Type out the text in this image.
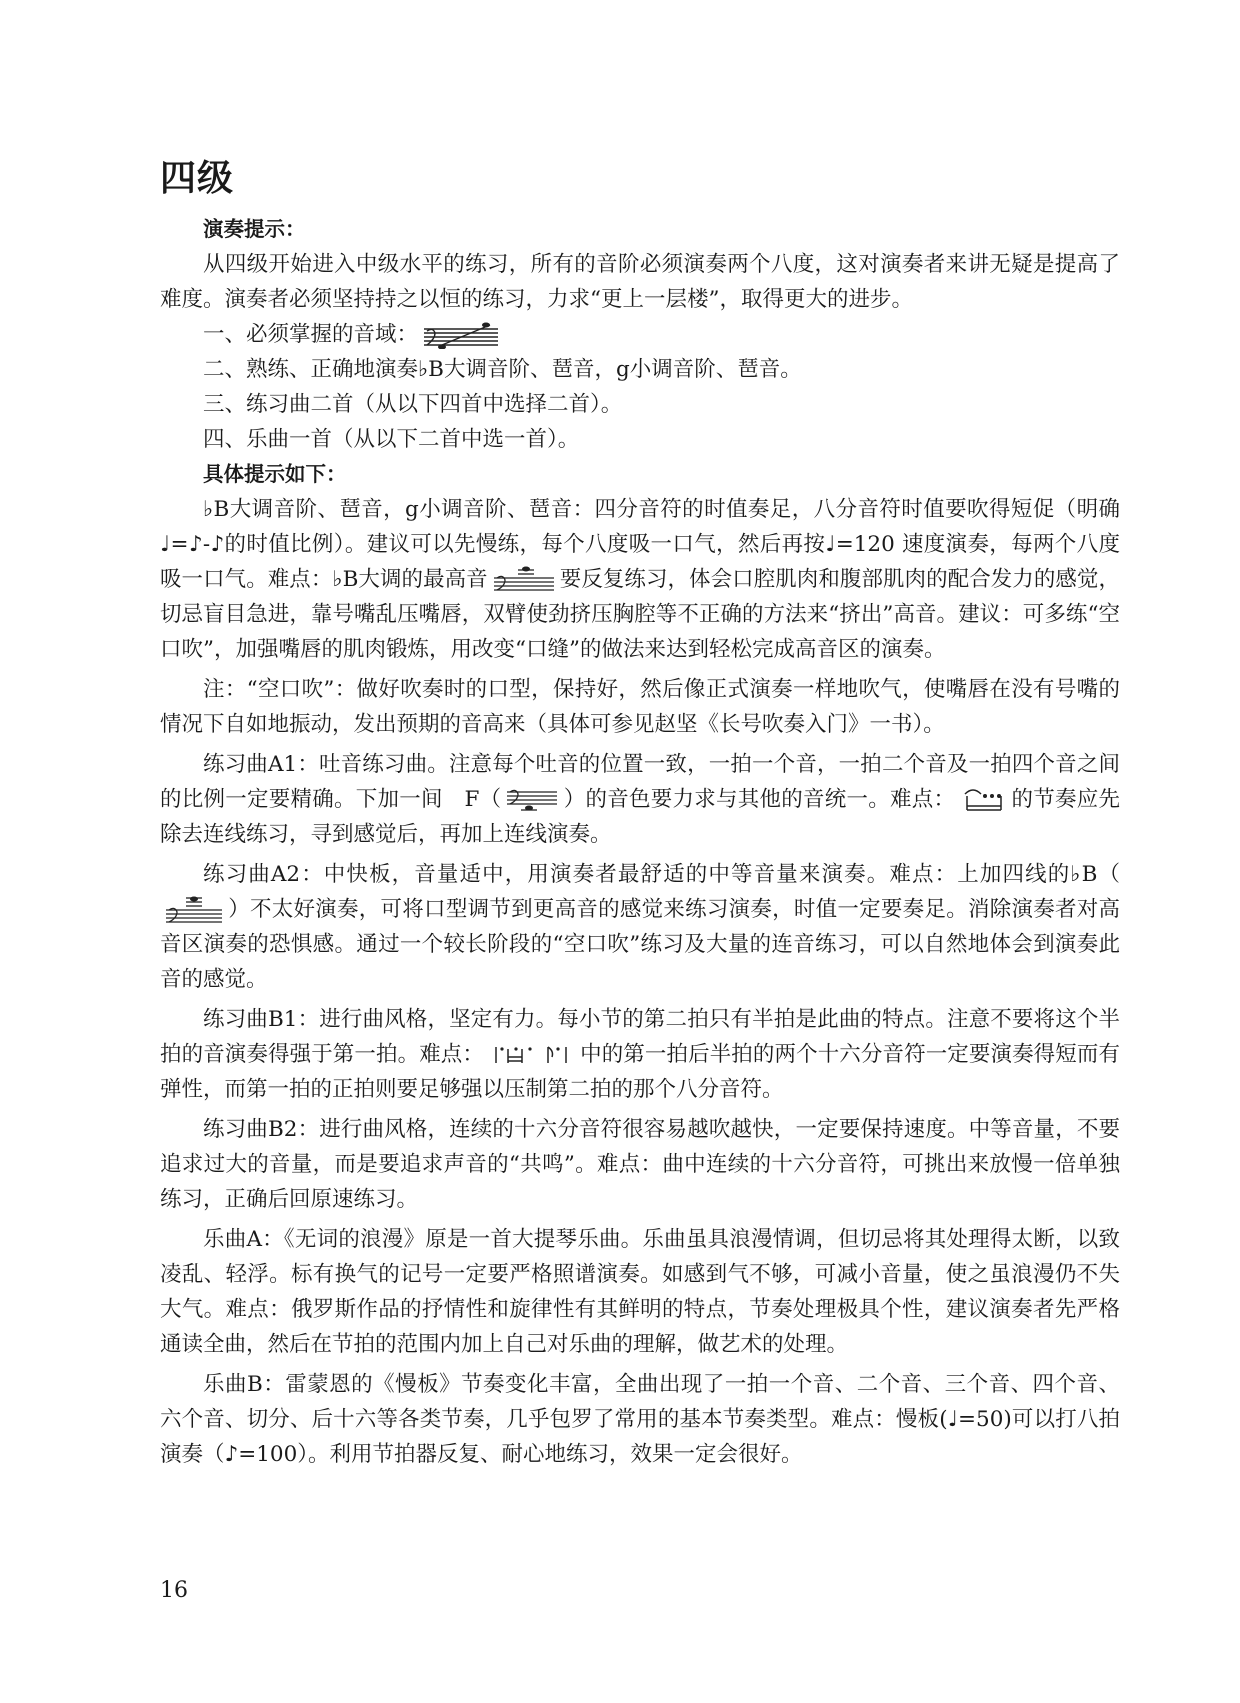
四级

演奏提示：

从四级开始进入中级水平的练习，所有的音阶必须演奏两个八度，这对演奏者来讲无疑是提高了难度。演奏者必须坚持持之以恒的练习，力求“更上一层楼”，取得更大的进步。

一、必须掌握的音域：

二、熟练、正确地演奏♭B大调音阶、琶音，g小调音阶、琶音。

三、练习曲二首（从以下四首中选择二首）。

四、乐曲一首（从以下二首中选一首）。

具体提示如下：

♭B大调音阶、琶音，g小调音阶、琶音：四分音符的时值奏足，八分音符时值要吹得短促（明确♩=♪-♪的时值比例）。建议可以先慢练，每个八度吸一口气，然后再按♩=120 速度演奏，每两个八度吸一口气。难点：♭B大调的最高音	要反复练习，体会口腔肌肉和腹部肌肉的配合发力的感觉，切忌盲目急进，靠号嘴乱压嘴唇，双臂使劲挤压胸腔等不正确的方法来“挤出”高音。建议：可多练“空口吹”，加强嘴唇的肌肉锻炼，用改变“口缝”的做法来达到轻松完成高音区的演奏。

注：“空口吹”：做好吹奏时的口型，保持好，然后像正式演奏一样地吹气，使嘴唇在没有号嘴的情况下自如地振动，发出预期的音高来（具体可参见赵坚《长号吹奏入门》一书）。

练习曲A1：吐音练习曲。注意每个吐音的位置一致，一拍一个音，一拍二个音及一拍四个音之间的比例一定要精确。下加一间　F（	）的音色要力求与其他的音统一。难点：	的节奏应先除去连线练习，寻到感觉后，再加上连线演奏。

练习曲A2：中快板，音量适中，用演奏者最舒适的中等音量来演奏。难点：上加四线的♭B（
）不太好演奏，可将口型调节到更高音的感觉来练习演奏，时值一定要奏足。消除演奏者对高音区演奏的恐惧感。通过一个较长阶段的“空口吹”练习及大量的连音练习，可以自然地体会到演奏此音的感觉。

练习曲B1：进行曲风格，坚定有力。每小节的第二拍只有半拍是此曲的特点。注意不要将这个半拍的音演奏得强于第一拍。难点：	中的第一拍后半拍的两个十六分音符一定要演奏得短而有弹性，而第一拍的正拍则要足够强以压制第二拍的那个八分音符。

练习曲B2：进行曲风格，连续的十六分音符很容易越吹越快，一定要保持速度。中等音量，不要追求过大的音量，而是要追求声音的“共鸣”。难点：曲中连续的十六分音符，可挑出来放慢一倍单独练习，正确后回原速练习。

乐曲A：《无词的浪漫》原是一首大提琴乐曲。乐曲虽具浪漫情调，但切忌将其处理得太断，以致凌乱、轻浮。标有换气的记号一定要严格照谱演奏。如感到气不够，可减小音量，使之虽浪漫仍不失大气。难点：俄罗斯作品的抒情性和旋律性有其鲜明的特点，节奏处理极具个性，建议演奏者先严格通读全曲，然后在节拍的范围内加上自己对乐曲的理解，做艺术的处理。

乐曲B：雷蒙恩的《慢板》节奏变化丰富，全曲出现了一拍一个音、二个音、三个音、四个音、六个音、切分、后十六等各类节奏，几乎包罗了常用的基本节奏类型。难点：慢板(♩=50)可以打八拍演奏（♪=100）。利用节拍器反复、耐心地练习，效果一定会很好。

16
